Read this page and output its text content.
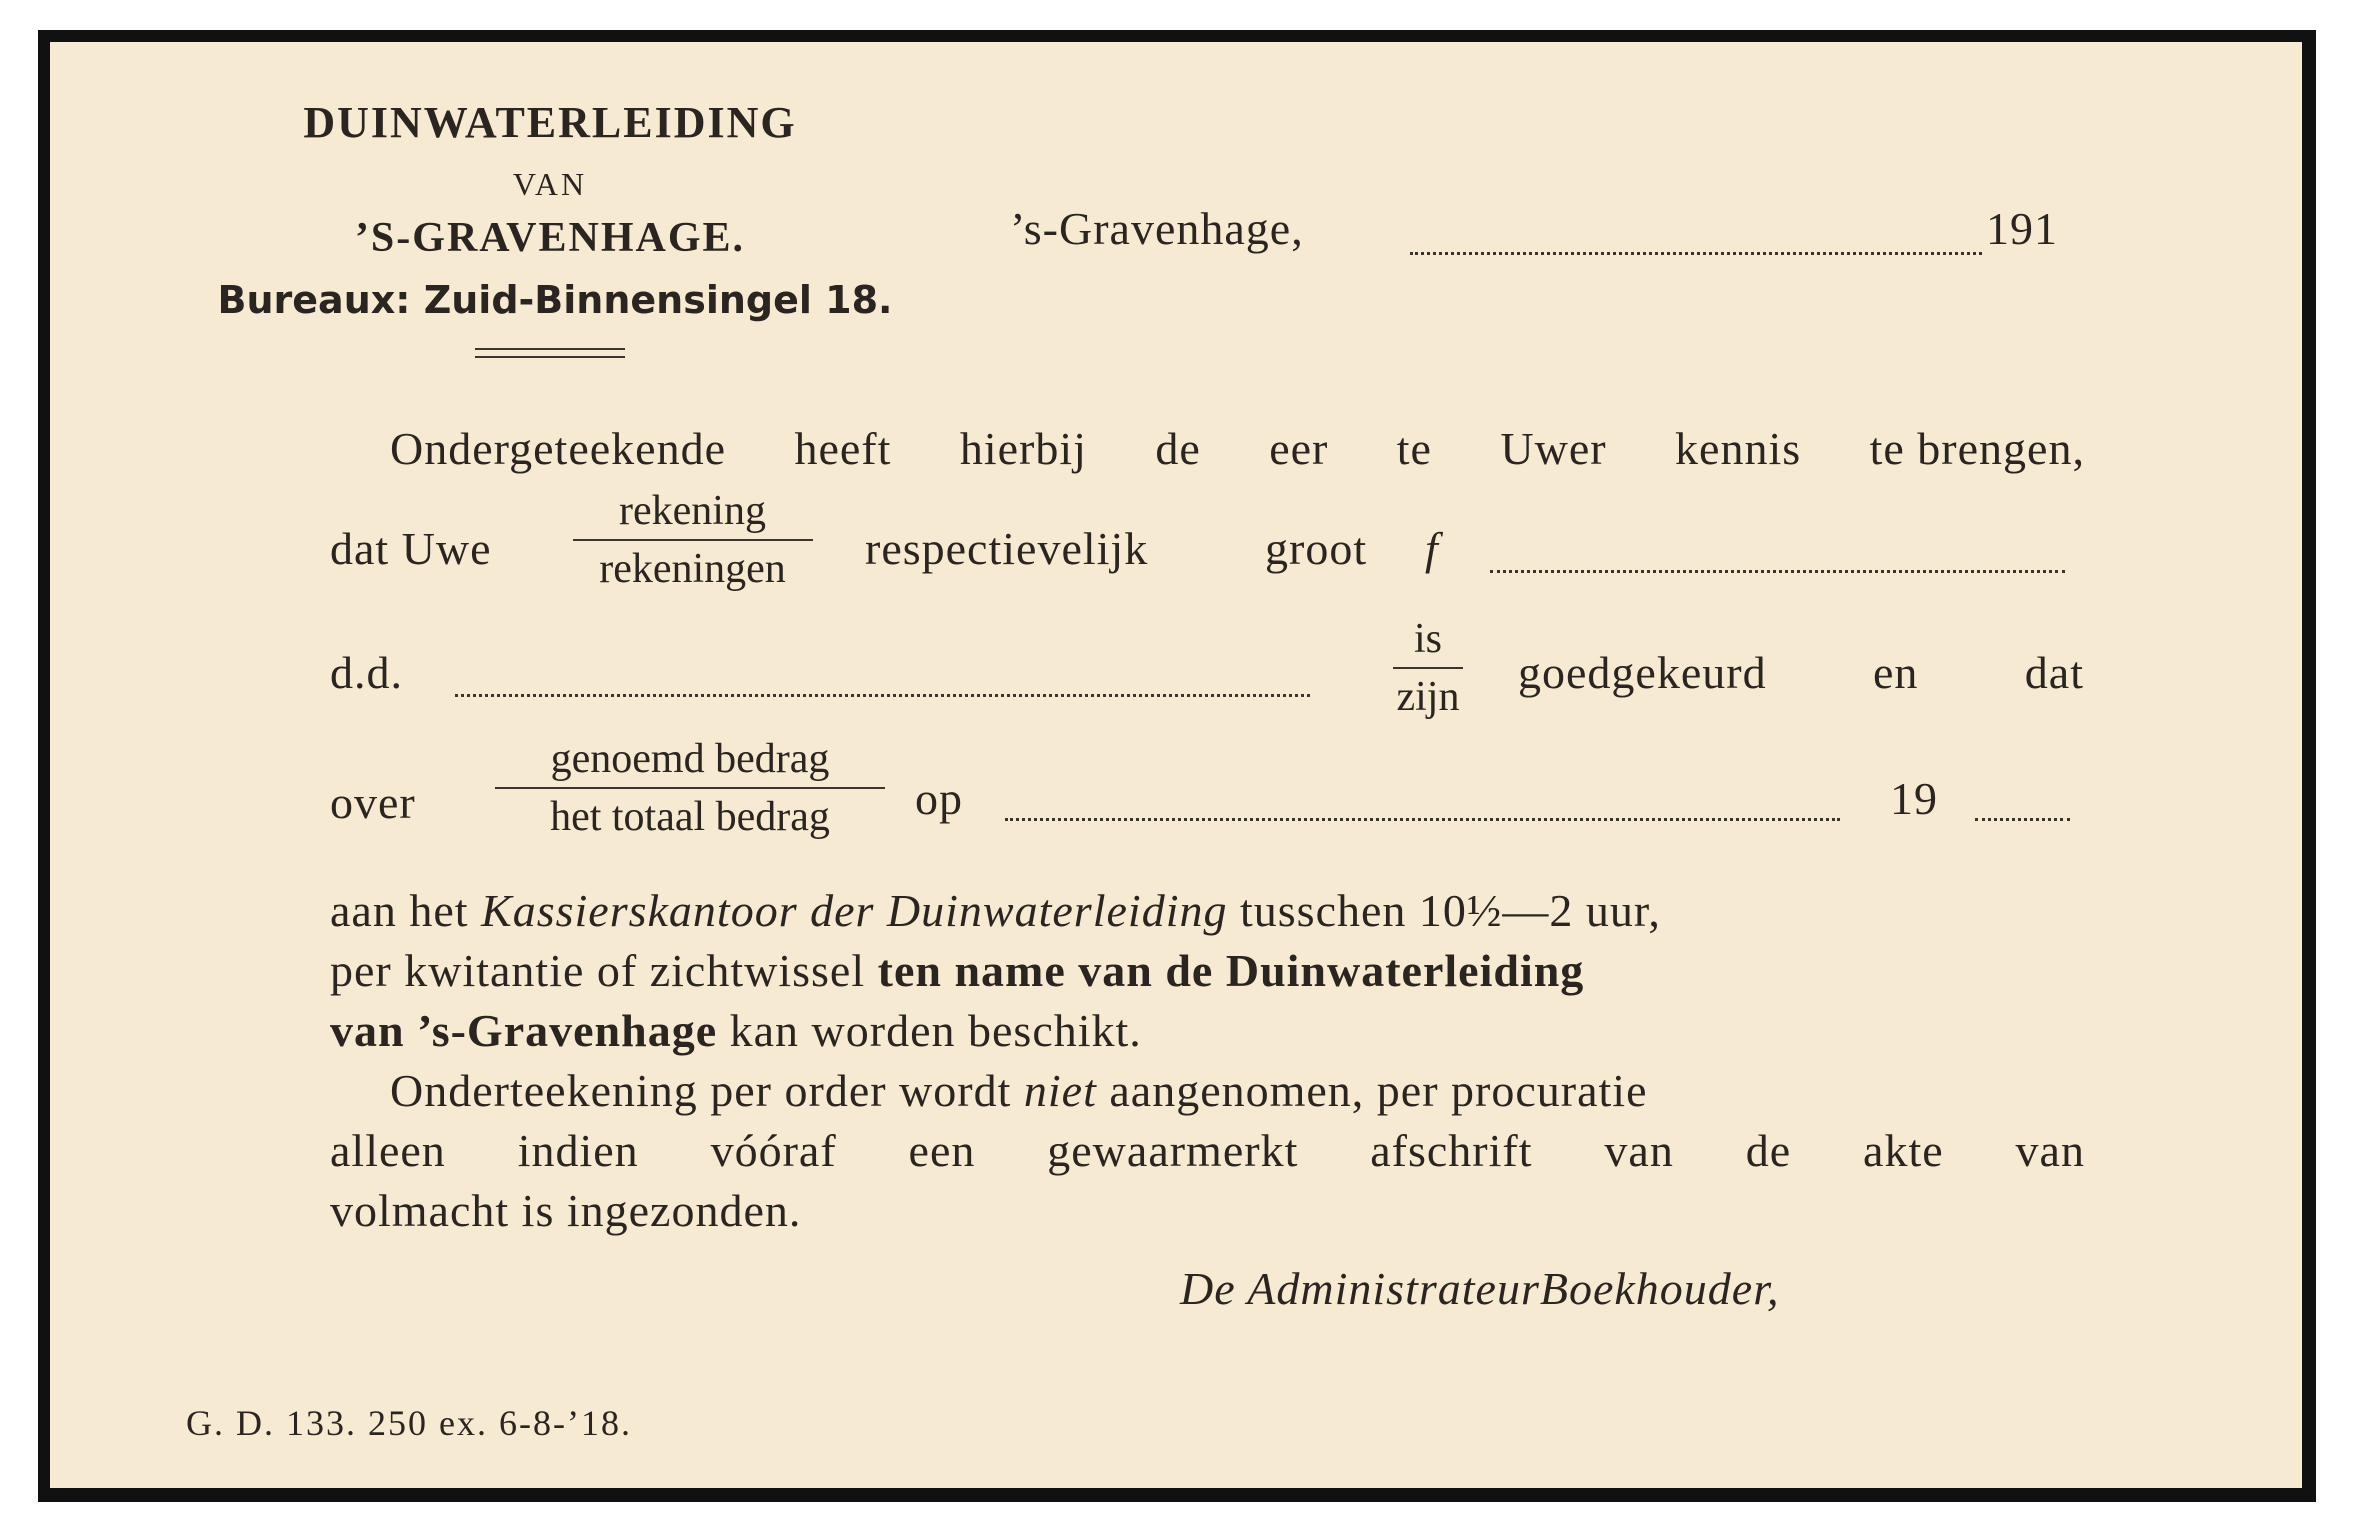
DUINWATERLEIDING
VAN
’S-GRAVENHAGE.
Bureaux: Zuid-Binnensingel 18.
’s-Gravenhage,	191
Ondergeteekende heeft hierbij de eer te Uwer kennis te brengen,
dat Uwe
rekening
rekeningen	respectievelijk	groot f
d.d.
is
zijn	goedgekeurd en dat
over
genoemd bedrag
het totaal bedrag	op	19
aan het Kassierskantoor der Duinwaterleiding tusschen 10½—2 uur,
per kwitantie of zichtwissel ten name van de Duinwaterleiding
van ’s-Gravenhage kan worden beschikt.
Onderteekening per order wordt niet aangenomen, per procuratie
alleen indien vóóraf een gewaarmerkt afschrift van de akte van
volmacht is ingezonden.
De AdministrateurBoekhouder,
G. D. 133. 250 ex. 6-8-’18.
